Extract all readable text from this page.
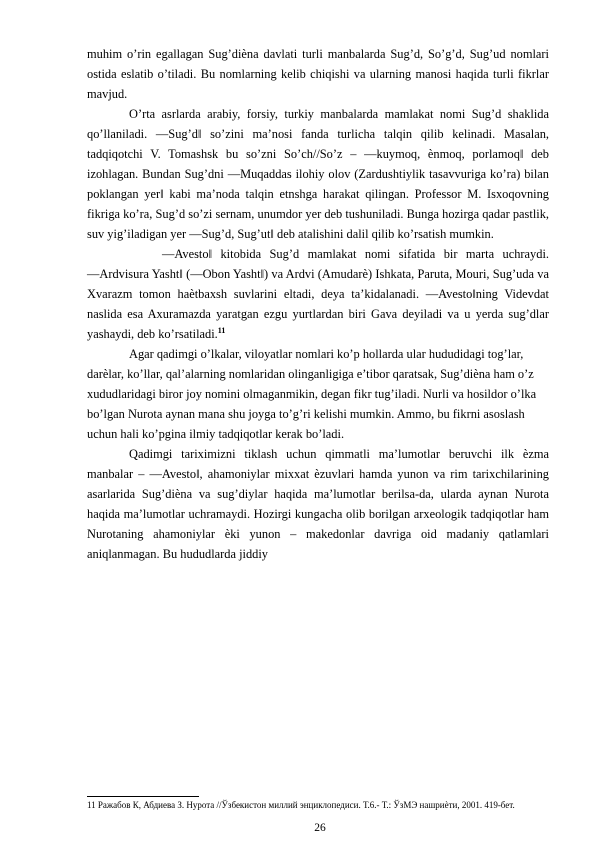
muhim o’rin egallagan Sug’diѐna davlati turli manbalarda Sug’d, So’g’d, Sug’ud nomlari ostida eslatib o’tiladi. Bu nomlarning kelib chiqishi va ularning manosi haqida turli fikrlar mavjud.

O’rta asrlarda arabiy, forsiy, turkiy manbalarda mamlakat nomi Sug’d shaklida qo’llaniladi. ―Sug’d‖ so’zini ma’nosi fanda turlicha talqin qilib kelinadi. Masalan, tadqiqotchi V. Tomashsk bu so’zni So’ch//So’z – ―kuymoq, ѐnmoq, porlamoq‖ deb izohlagan. Bundan Sug’dni ―Muqaddas ilohiy olov (Zardushtiylik tasavvuriga ko’ra) bilan poklangan yer‖ kabi ma’noda talqin etnshga harakat qilingan. Professor M. Isxoqovning fikriga ko’ra, Sug’d so’zi sernam, unumdor yer deb tushuniladi. Bunga hozirga qadar pastlik, suv yig’iladigan yer ―Sug’d, Sug’ut‖ deb atalishini dalil qilib ko’rsatish mumkin.

―Avesto‖ kitobida Sug’d mamlakat nomi sifatida bir marta uchraydi. ―Ardvisura Yasht‖ (―Obon Yasht‖) va Ardvi (Amudarѐ) Ishkata, Paruta, Mouri, Sug’uda va Xvarazm tomon haѐtbaxsh suvlarini eltadi, deya ta’kidalanadi. ―Avesto‖ning Videvdat naslida esa Axuramazda yaratgan ezgu yurtlardan biri Gava deyiladi va u yerda sug’dlar yashaydi, deb ko’rsatiladi.$^{11}$

Agar qadimgi o’lkalar, viloyatlar nomlari ko’p hollarda ular hududidagi tog’lar, darѐlar, ko’llar, qal’alarning nomlaridan olinganligiga e’tibor qaratsak, Sug’diѐna ham o’z xududlaridagi biror joy nomini olmaganmikin, degan fikr tug’iladi. Nurli va hosildor o’lka bo’lgan Nurota aynan mana shu joyga to’g’ri kelishi mumkin. Ammo, bu fikrni asoslash uchun hali ko’pgina ilmiy tadqiqotlar kerak bo’ladi.

Qadimgi tariximizni tiklash uchun qimmatli ma’lumotlar beruvchi ilk ѐzma manbalar – ―Avesto‖, ahamoniylar mixxat ѐzuvlari hamda yunon va rim tarixchilarining asarlarida Sug’diѐna va sug’diylar haqida ma’lumotlar berilsa-da, ularda aynan Nurota haqida ma’lumotlar uchramaydi. Hozirgi kungacha olib borilgan arxeologik tadqiqotlar ham Nurotaning ahamoniylar ѐki yunon – makedonlar davriga oid madaniy qatlamlari aniqlanmagan. Bu hududlarda jiddiy

11 Ражабов К, Абдиева З. Нурота //Ўзбекистон миллий энциклопедиси. Т.6.- Т.: ЎзМЭ нашриѐти, 2001. 419-бет.
26
